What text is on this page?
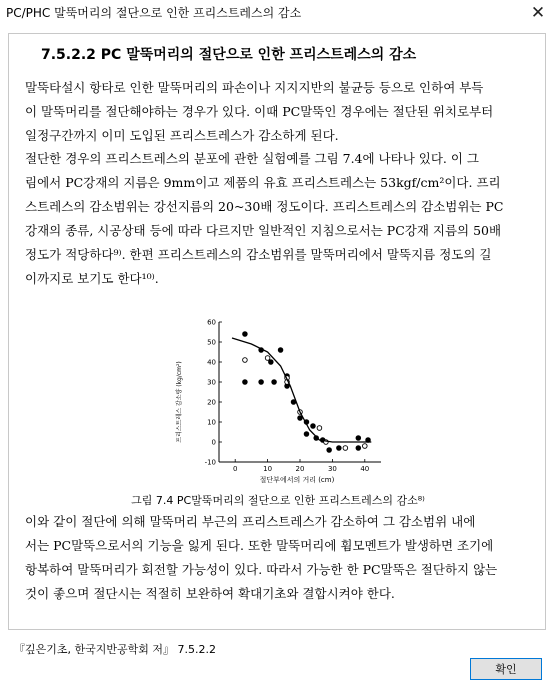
PC/PHC 말뚝머리의 절단으로 인한 프리스트레스의 감소	✕
7.5.2.2 PC 말뚝머리의 절단으로 인한 프리스트레스의 감소
말뚝타설시 항타로 인한 말뚝머리의 파손이나 지지지반의 불균등 등으로 인하여 부득
이 말뚝머리를 절단해야하는 경우가 있다. 이때 PC말뚝인 경우에는 절단된 위치로부터
일정구간까지 이미 도입된 프리스트레스가 감소하게 된다.
절단한 경우의 프리스트레스의 분포에 관한 실험예를 그림 7.4에 나타나 있다. 이 그
림에서 PC강재의 지름은 9mm이고 제품의 유효 프리스트레스는 53kgf/cm²이다. 프리
스트레스의 감소범위는 강선지름의 20~30배 정도이다. 프리스트레스의 감소범위는 PC
강재의 종류, 시공상태 등에 따라 다르지만 일반적인 지침으로서는 PC강재 지름의 50배
정도가 적당하다⁹⁾. 한편 프리스트레스의 감소범위를 말뚝머리에서 말뚝지름 정도의 길
이까지로 보기도 한다¹⁰⁾.
-10
0
10
20
30
40
50
60
0	10	20	30	40
프리스트레스 감소량 (kg/cm²)
절단부에서의 거리 (cm)
그림 7.4 PC말뚝머리의 절단으로 인한 프리스트레스의 감소⁸⁾
이와 같이 절단에 의해 말뚝머리 부근의 프리스트레스가 감소하여 그 감소범위 내에
서는 PC말뚝으로서의 기능을 잃게 된다. 또한 말뚝머리에 휨모멘트가 발생하면 조기에
항복하여 말뚝머리가 회전할 가능성이 있다. 따라서 가능한 한 PC말뚝은 절단하지 않는
것이 좋으며 절단시는 적절히 보완하여 확대기초와 결합시켜야 한다.
『깊은기초, 한국지반공학회 저』 7.5.2.2
확인
